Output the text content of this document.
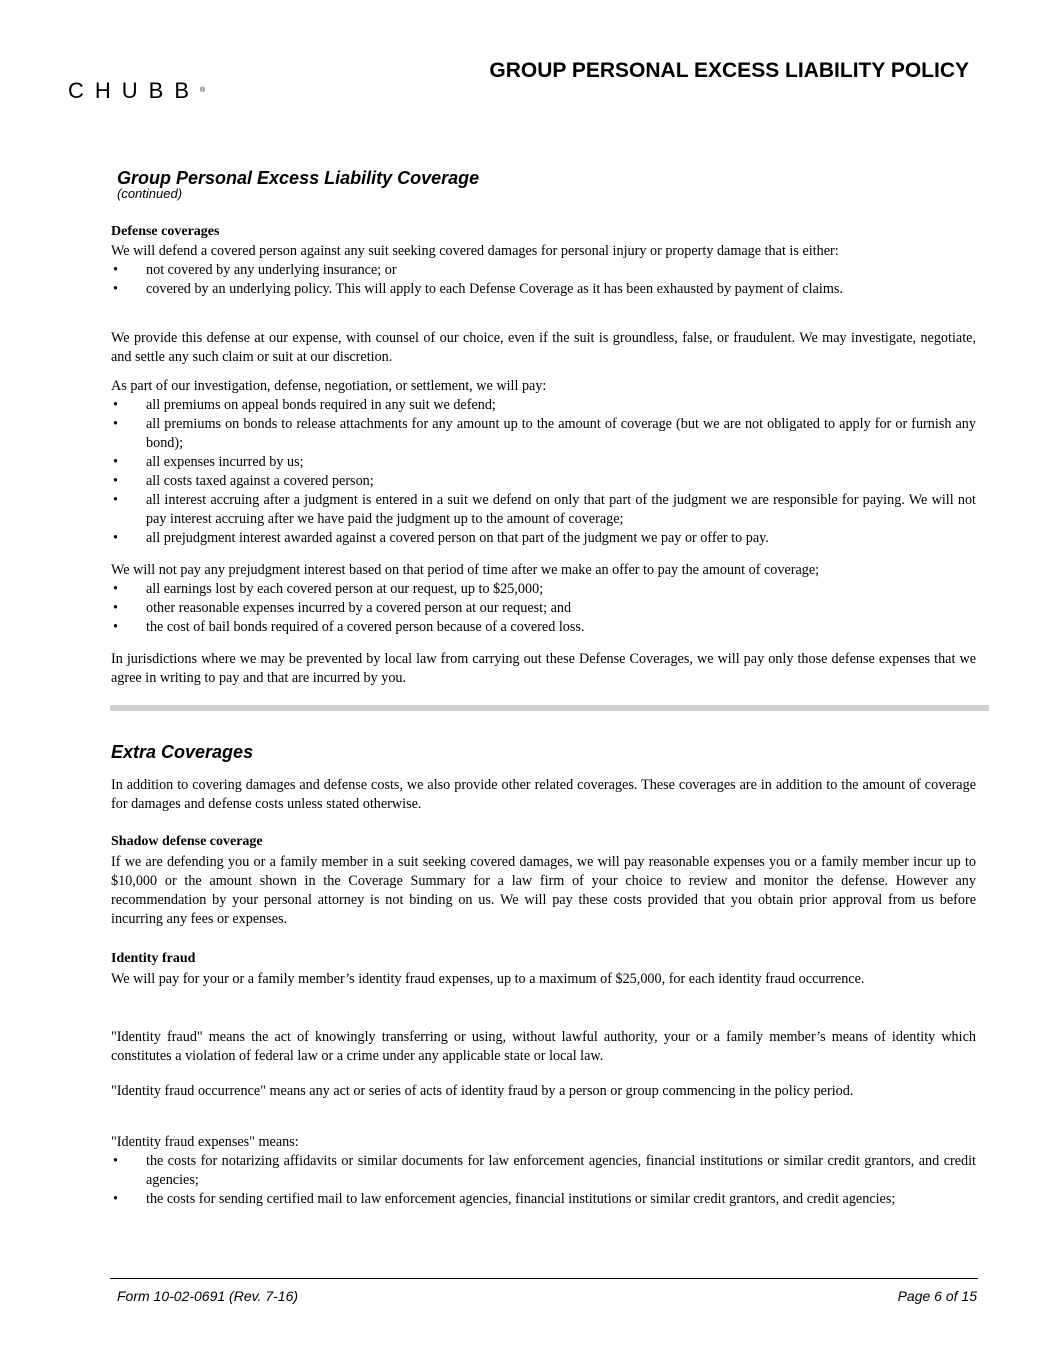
CHUBB®
GROUP PERSONAL EXCESS LIABILITY POLICY
Group Personal Excess Liability Coverage
(continued)
Defense coverages
We will defend a covered person against any suit seeking covered damages for personal injury or property damage that is either:
• not covered by any underlying insurance; or
• covered by an underlying policy. This will apply to each Defense Coverage as it has been exhausted by payment of claims.
We provide this defense at our expense, with counsel of our choice, even if the suit is groundless, false, or fraudulent. We may investigate, negotiate, and settle any such claim or suit at our discretion.
As part of our investigation, defense, negotiation, or settlement, we will pay:
• all premiums on appeal bonds required in any suit we defend;
• all premiums on bonds to release attachments for any amount up to the amount of coverage (but we are not obligated to apply for or furnish any bond);
• all expenses incurred by us;
• all costs taxed against a covered person;
• all interest accruing after a judgment is entered in a suit we defend on only that part of the judgment we are responsible for paying. We will not pay interest accruing after we have paid the judgment up to the amount of coverage;
• all prejudgment interest awarded against a covered person on that part of the judgment we pay or offer to pay.
We will not pay any prejudgment interest based on that period of time after we make an offer to pay the amount of coverage;
• all earnings lost by each covered person at our request, up to $25,000;
• other reasonable expenses incurred by a covered person at our request; and
• the cost of bail bonds required of a covered person because of a covered loss.
In jurisdictions where we may be prevented by local law from carrying out these Defense Coverages, we will pay only those defense expenses that we agree in writing to pay and that are incurred by you.
Extra Coverages
In addition to covering damages and defense costs, we also provide other related coverages. These coverages are in addition to the amount of coverage for damages and defense costs unless stated otherwise.
Shadow defense coverage
If we are defending you or a family member in a suit seeking covered damages, we will pay reasonable expenses you or a family member incur up to $10,000 or the amount shown in the Coverage Summary for a law firm of your choice to review and monitor the defense. However any recommendation by your personal attorney is not binding on us. We will pay these costs provided that you obtain prior approval from us before incurring any fees or expenses.
Identity fraud
We will pay for your or a family member’s identity fraud expenses, up to a maximum of $25,000, for each identity fraud occurrence.
"Identity fraud" means the act of knowingly transferring or using, without lawful authority, your or a family member’s means of identity which constitutes a violation of federal law or a crime under any applicable state or local law.
"Identity fraud occurrence" means any act or series of acts of identity fraud by a person or group commencing in the policy period.
"Identity fraud expenses" means:
• the costs for notarizing affidavits or similar documents for law enforcement agencies, financial institutions or similar credit grantors, and credit agencies;
• the costs for sending certified mail to law enforcement agencies, financial institutions or similar credit grantors, and credit agencies;
Form 10-02-0691 (Rev. 7-16)	Page 6 of 15
